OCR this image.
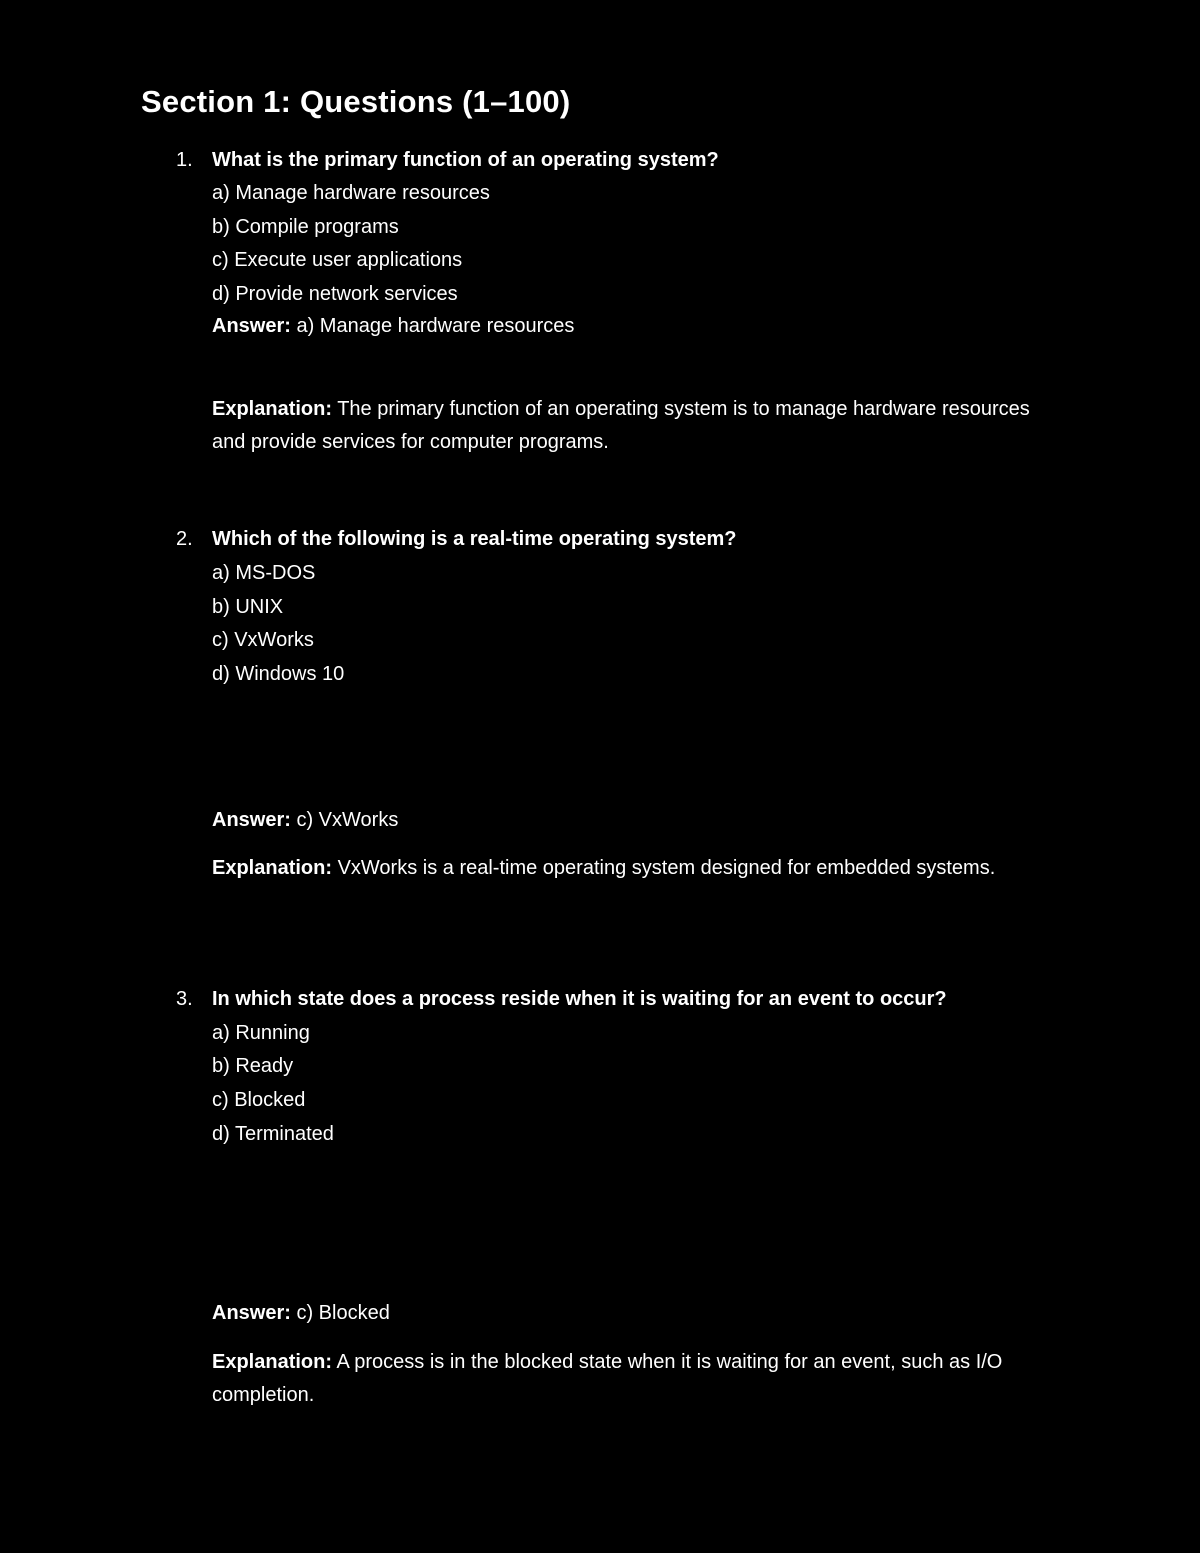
Section 1: Questions (1–100)
1. What is the primary function of an operating system?
a) Manage hardware resources
b) Compile programs
c) Execute user applications
d) Provide network services
Answer: a) Manage hardware resources
Explanation: The primary function of an operating system is to manage hardware resources and provide services for computer programs.
2. Which of the following is a real-time operating system?
a) MS-DOS
b) UNIX
c) VxWorks
d) Windows 10
Answer: c) VxWorks
Explanation: VxWorks is a real-time operating system designed for embedded systems.
3. In which state does a process reside when it is waiting for an event to occur?
a) Running
b) Ready
c) Blocked
d) Terminated
Answer: c) Blocked
Explanation: A process is in the blocked state when it is waiting for an event, such as I/O completion.
